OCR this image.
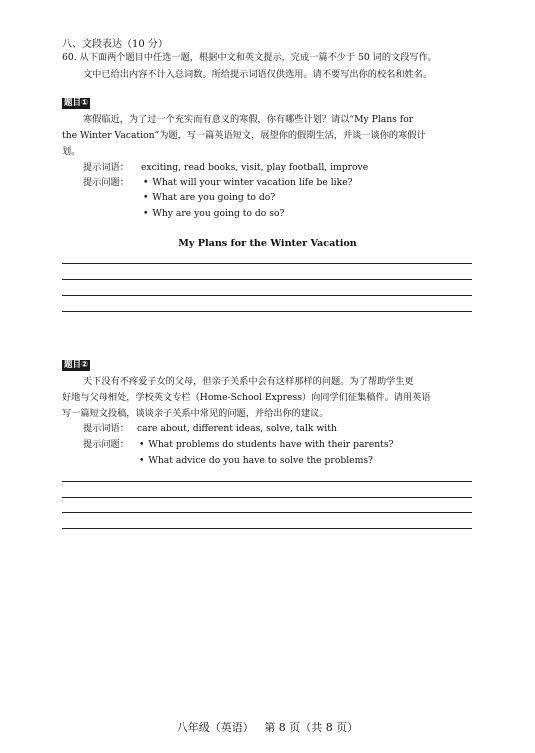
八、文段表达（10 分）
60. 从下面两个题目中任选一题，根据中文和英文提示，完成一篇不少于 50 词的文段写作。
文中已给出内容不计入总词数。所给提示词语仅供选用。请不要写出你的校名和姓名。
题目①
寒假临近，为了过一个充实而有意义的寒假，你有哪些计划？请以“My Plans for
the Winter Vacation”为题，写一篇英语短文，展望你的假期生活，并谈一谈你的寒假计
划。
提示词语： exciting, read books, visit, play football, improve
提示问题：	• What will your winter vacation life be like?
• What are you going to do?
• Why are you going to do so?
My Plans for the Winter Vacation
题目②
天下没有不疼爱子女的父母，但亲子关系中会有这样那样的问题。为了帮助学生更
好地与父母相处，学校英文专栏（Home-School Express）向同学们征集稿件。请用英语
写一篇短文投稿，谈谈亲子关系中常见的问题，并给出你的建议。
提示词语： care about, different ideas, solve, talk with
提示问题：	• What problems do students have with their parents?
• What advice do you have to solve the problems?
八年级（英语）   第 8 页（共 8 页）
